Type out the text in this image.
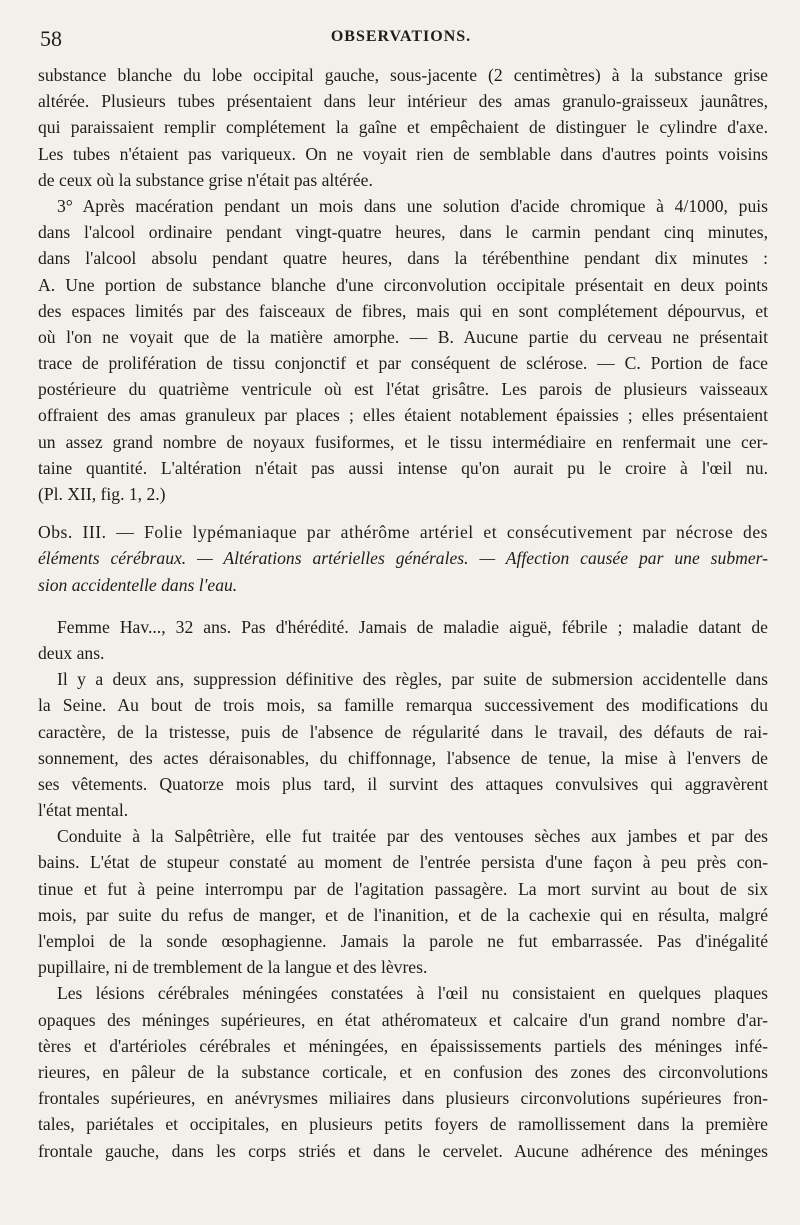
58	OBSERVATIONS.
substance blanche du lobe occipital gauche, sous-jacente (2 centimètres) à la substance grise
altérée. Plusieurs tubes présentaient dans leur intérieur des amas granulo-graisseux jaunâtres,
qui paraissaient remplir complétement la gaîne et empêchaient de distinguer le cylindre d'axe.
Les tubes n'étaient pas variqueux. On ne voyait rien de semblable dans d'autres points voisins
de ceux où la substance grise n'était pas altérée.
3° Après macération pendant un mois dans une solution d'acide chromique à 4/1000, puis
dans l'alcool ordinaire pendant vingt-quatre heures, dans le carmin pendant cinq minutes,
dans l'alcool absolu pendant quatre heures, dans la térébenthine pendant dix minutes :
A. Une portion de substance blanche d'une circonvolution occipitale présentait en deux points
des espaces limités par des faisceaux de fibres, mais qui en sont complétement dépourvus, et
où l'on ne voyait que de la matière amorphe. — B. Aucune partie du cerveau ne présentait
trace de prolifération de tissu conjonctif et par conséquent de sclérose. — C. Portion de face
postérieure du quatrième ventricule où est l'état grisâtre. Les parois de plusieurs vaisseaux
offraient des amas granuleux par places ; elles étaient notablement épaissies ; elles présentaient
un assez grand nombre de noyaux fusiformes, et le tissu intermédiaire en renfermait une cer-
taine quantité. L'altération n'était pas aussi intense qu'on aurait pu le croire à l'œil nu.
(Pl. XII, fig. 1, 2.)
Obs. III. — Folie lypémaniaque par athérôme artériel et consécutivement par nécrose des
éléments cérébraux. — Altérations artérielles générales. — Affection causée par une submer-
sion accidentelle dans l'eau.
Femme Hav..., 32 ans. Pas d'hérédité. Jamais de maladie aiguë, fébrile ; maladie datant de
deux ans.
Il y a deux ans, suppression définitive des règles, par suite de submersion accidentelle dans
la Seine. Au bout de trois mois, sa famille remarqua successivement des modifications du
caractère, de la tristesse, puis de l'absence de régularité dans le travail, des défauts de rai-
sonnement, des actes déraisonables, du chiffonnage, l'absence de tenue, la mise à l'envers de
ses vêtements. Quatorze mois plus tard, il survint des attaques convulsives qui aggravèrent
l'état mental.
Conduite à la Salpêtrière, elle fut traitée par des ventouses sèches aux jambes et par des
bains. L'état de stupeur constaté au moment de l'entrée persista d'une façon à peu près con-
tinue et fut à peine interrompu par de l'agitation passagère. La mort survint au bout de six
mois, par suite du refus de manger, et de l'inanition, et de la cachexie qui en résulta, malgré
l'emploi de la sonde œsophagienne. Jamais la parole ne fut embarrassée. Pas d'inégalité
pupillaire, ni de tremblement de la langue et des lèvres.
Les lésions cérébrales méningées constatées à l'œil nu consistaient en quelques plaques
opaques des méninges supérieures, en état athéromateux et calcaire d'un grand nombre d'ar-
tères et d'artérioles cérébrales et méningées, en épaississements partiels des méninges infé-
rieures, en pâleur de la substance corticale, et en confusion des zones des circonvolutions
frontales supérieures, en anévrysmes miliaires dans plusieurs circonvolutions supérieures fron-
tales, pariétales et occipitales, en plusieurs petits foyers de ramollissement dans la première
frontale gauche, dans les corps striés et dans le cervelet. Aucune adhérence des méninges
